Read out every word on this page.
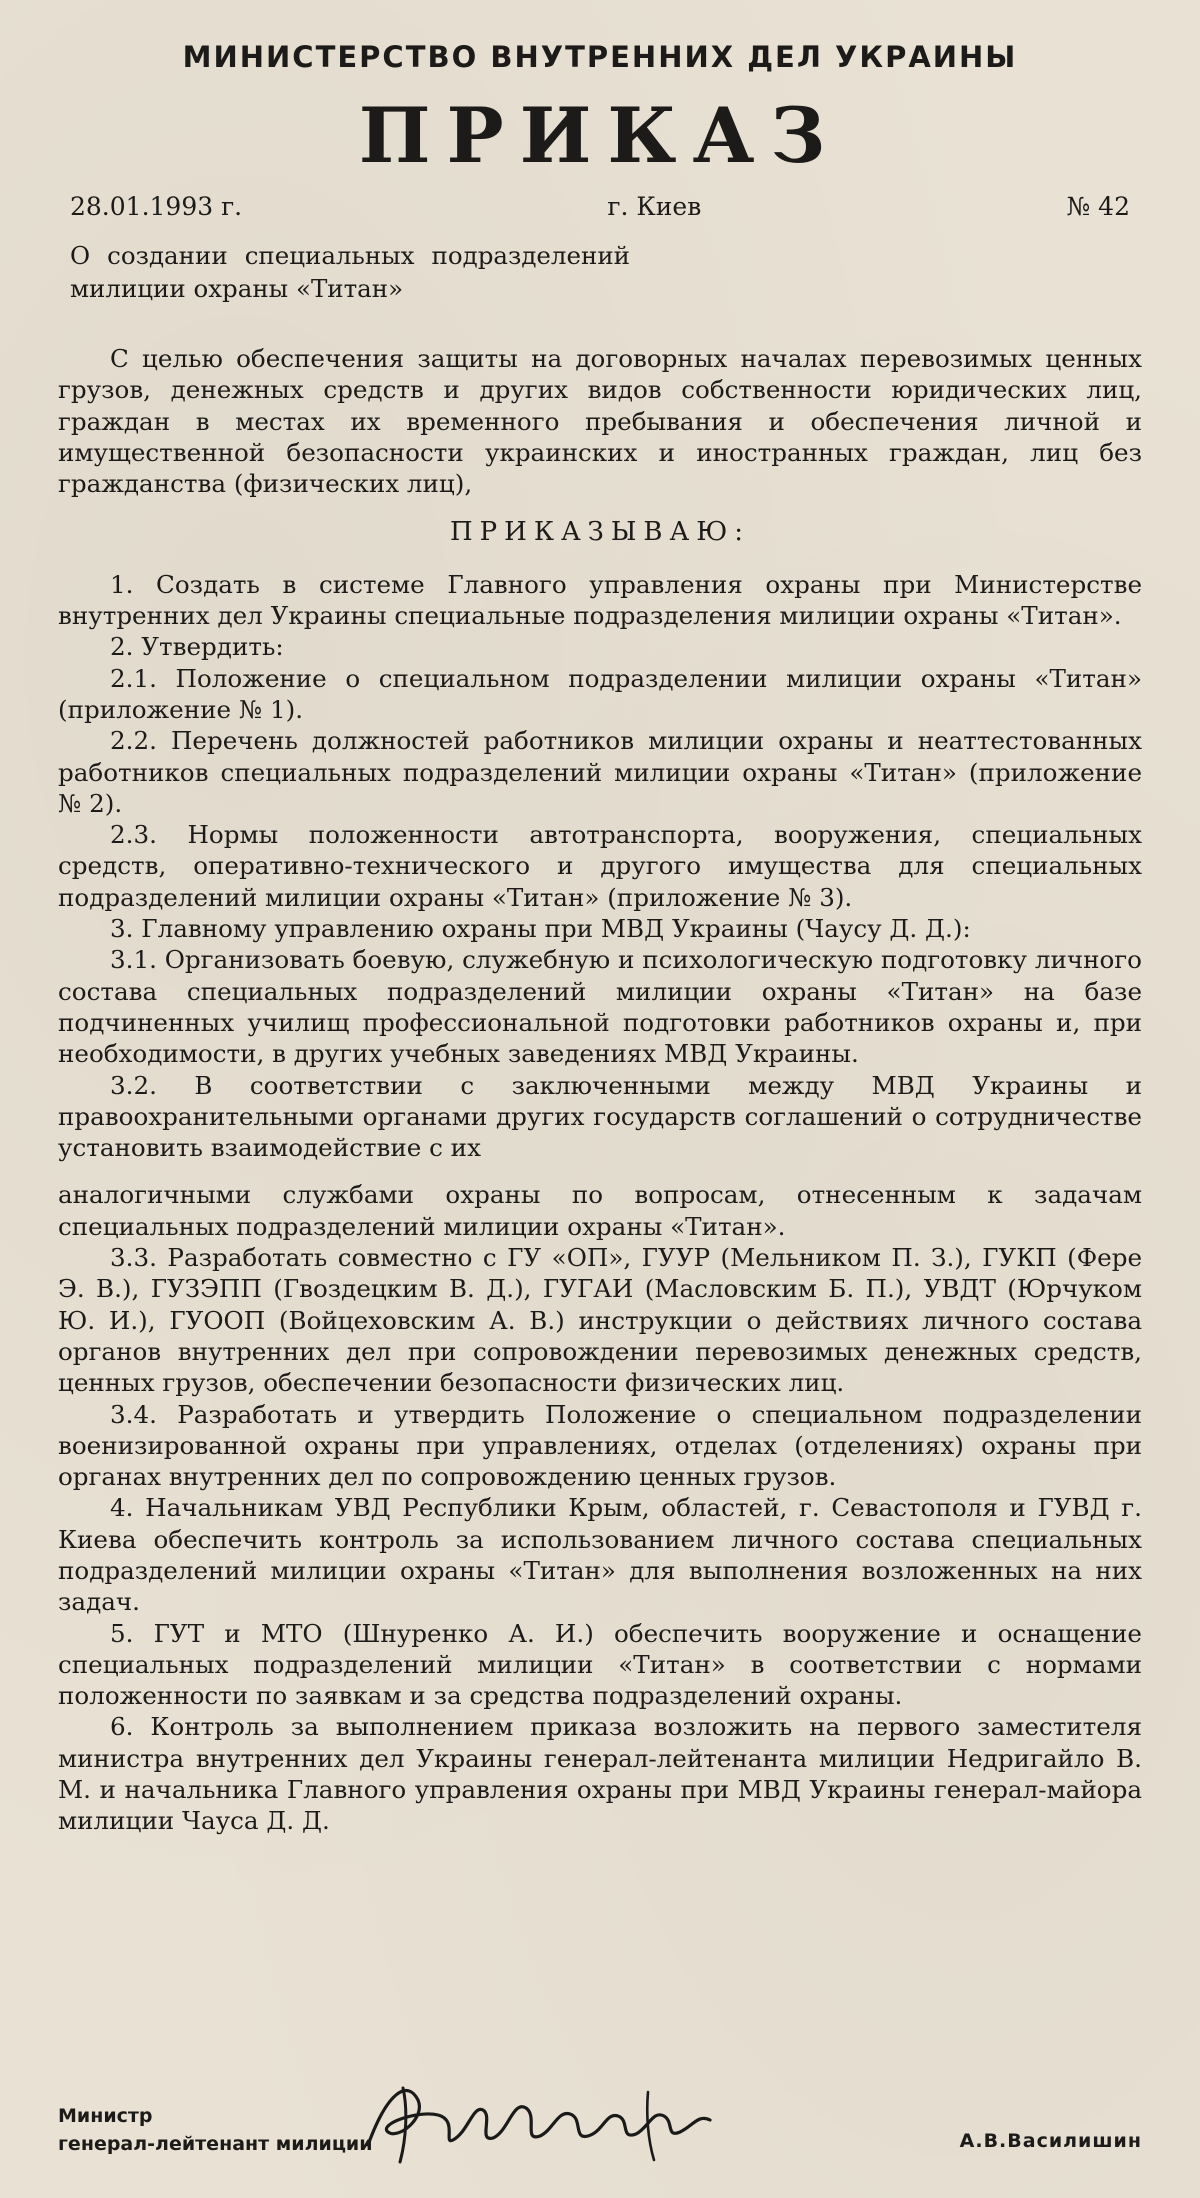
МИНИСТЕРСТВО ВНУТРЕННИХ ДЕЛ УКРАИНЫ
ПРИКАЗ
28.01.1993 г.	г. Киев	№ 42
О создании специальных подразделений милиции охраны «Титан»

С целью обеспечения защиты на договорных началах перевозимых ценных грузов, денежных средств и других видов собственности юридических лиц, граждан в местах их временного пребывания и обеспечения личной и имущественной безопасности украинских и иностранных граждан, лиц без гражданства (физических лиц),

ПРИКАЗЫВАЮ:

1. Создать в системе Главного управления охраны при Министерстве внутренних дел Украины специальные подразделения милиции охраны «Титан».

2. Утвердить:

2.1. Положение о специальном подразделении милиции охраны «Титан» (приложение № 1).

2.2. Перечень должностей работников милиции охраны и неаттестованных работников специальных подразделений милиции охраны «Титан» (приложение № 2).

2.3. Нормы положенности автотранспорта, вооружения, специальных средств, оперативно-технического и другого имущества для специальных подразделений милиции охраны «Титан» (приложение № 3).

3. Главному управлению охраны при МВД Украины (Чаусу Д. Д.):

3.1. Организовать боевую, служебную и психологическую подготовку личного состава специальных подразделений милиции охраны «Титан» на базе подчиненных училищ профессиональной подготовки работников охраны и, при необходимости, в других учебных заведениях МВД Украины.

3.2. В соответствии с заключенными между МВД Украины и правоохранительными органами других государств соглашений о сотрудничестве установить взаимодействие с их

аналогичными службами охраны по вопросам, отнесенным к задачам специальных подразделений милиции охраны «Титан».

3.3. Разработать совместно с ГУ «ОП», ГУУР (Мельником П. З.), ГУКП (Фере Э. В.), ГУЗЭПП (Гвоздецким В. Д.), ГУГАИ (Масловским Б. П.), УВДТ (Юрчуком Ю. И.), ГУООП (Войцеховским А. В.) инструкции о действиях личного состава органов внутренних дел при сопровождении перевозимых денежных средств, ценных грузов, обеспечении безопасности физических лиц.

3.4. Разработать и утвердить Положение о специальном подразделении военизированной охраны при управлениях, отделах (отделениях) охраны при органах внутренних дел по сопровождению ценных грузов.

4. Начальникам УВД Республики Крым, областей, г. Севастополя и ГУВД г. Киева обеспечить контроль за использованием личного состава специальных подразделений милиции охраны «Титан» для выполнения возложенных на них задач.

5. ГУТ и МТО (Шнуренко А. И.) обеспечить вооружение и оснащение специальных подразделений милиции «Титан» в соответствии с нормами положенности по заявкам и за средства подразделений охраны.

6. Контроль за выполнением приказа возложить на первого заместителя министра внутренних дел Украины генерал-лейтенанта милиции Недригайло В. М. и начальника Главного управления охраны при МВД Украины генерал-майора милиции Чауса Д. Д.

Министр
генерал-лейтенант милиции	А.В.Василишин
